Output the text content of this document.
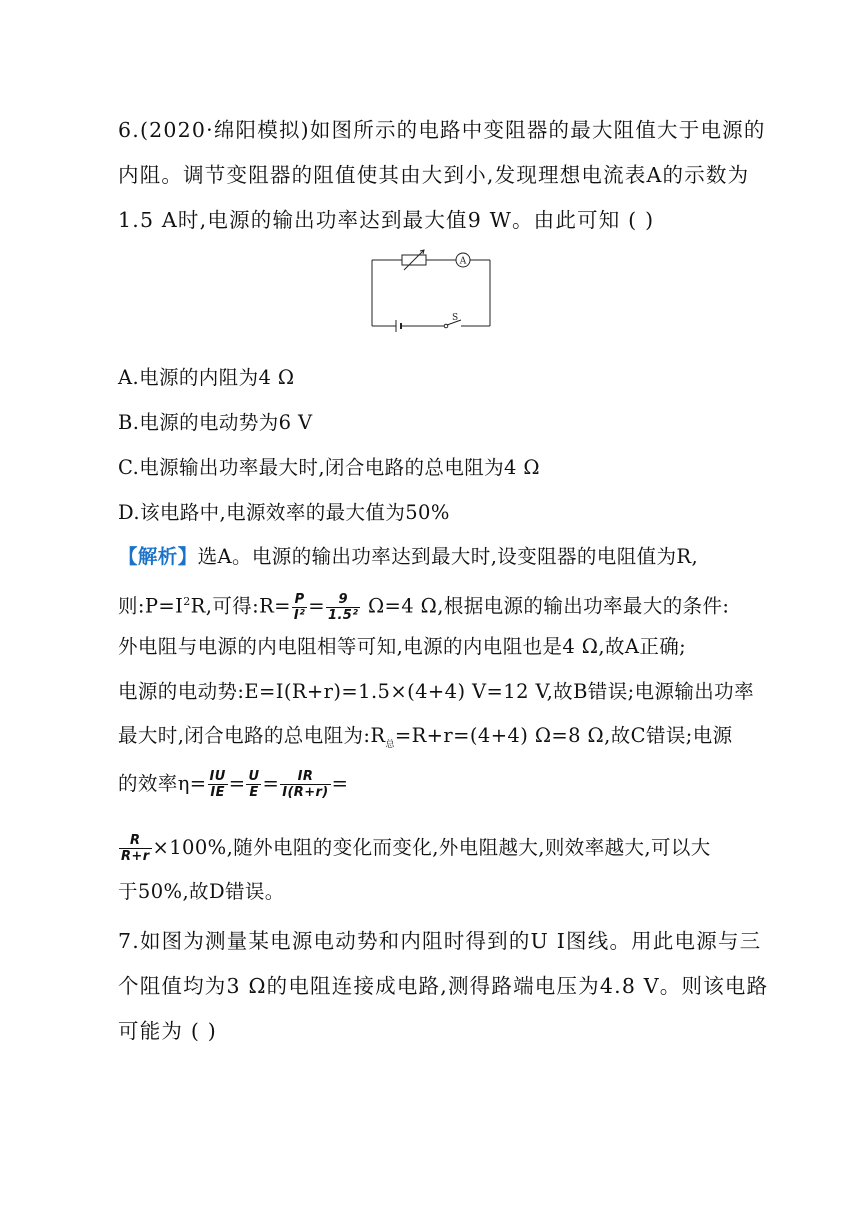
6.(2020·绵阳模拟)如图所示的电路中变阻器的最大阻值大于电源的
内阻。调节变阻器的阻值使其由大到小,发现理想电流表A的示数为
1.5 A时,电源的输出功率达到最大值9 W。由此可知 ( )
A
S
A.电源的内阻为4 Ω
B.电源的电动势为6 V
C.电源输出功率最大时,闭合电路的总电阻为4 Ω
D.该电路中,电源效率的最大值为50%
【解析】选A。电源的输出功率达到最大时,设变阻器的电阻值为R,
则$:P=I^2R$,可得:R= $\frac{P}{\text{I²}} = \frac{9}{\text{1.5²}} \Omega=4$ Ω,根据电源的输出功率最大的条件:
外电阻与电源的内电阻相等可知,电源的内电阻也是4 Ω,故A正确;
电源的电动势:E=I(R+r)=1.5×(4+4) V=12 V,故B错误;电源输出功率
最大时,闭合电路的总电阻为$:R_总=R+r=(4+4)$ Ω=8 Ω,故C错误;电源
的效率$\eta= \frac{IU}{IE} = \frac{U}{E} = \frac{IR}{I(R+r)}$ =
$\frac{R}{R+r} \times 100\%$,随外电阻的变化而变化,外电阻越大,则效率越大,可以大
于50%,故D错误。
7.如图为测量某电源电动势和内阻时得到的U I图线。用此电源与三
个阻值均为3 Ω的电阻连接成电路,测得路端电压为4.8 V。则该电路
可能为 ( )
